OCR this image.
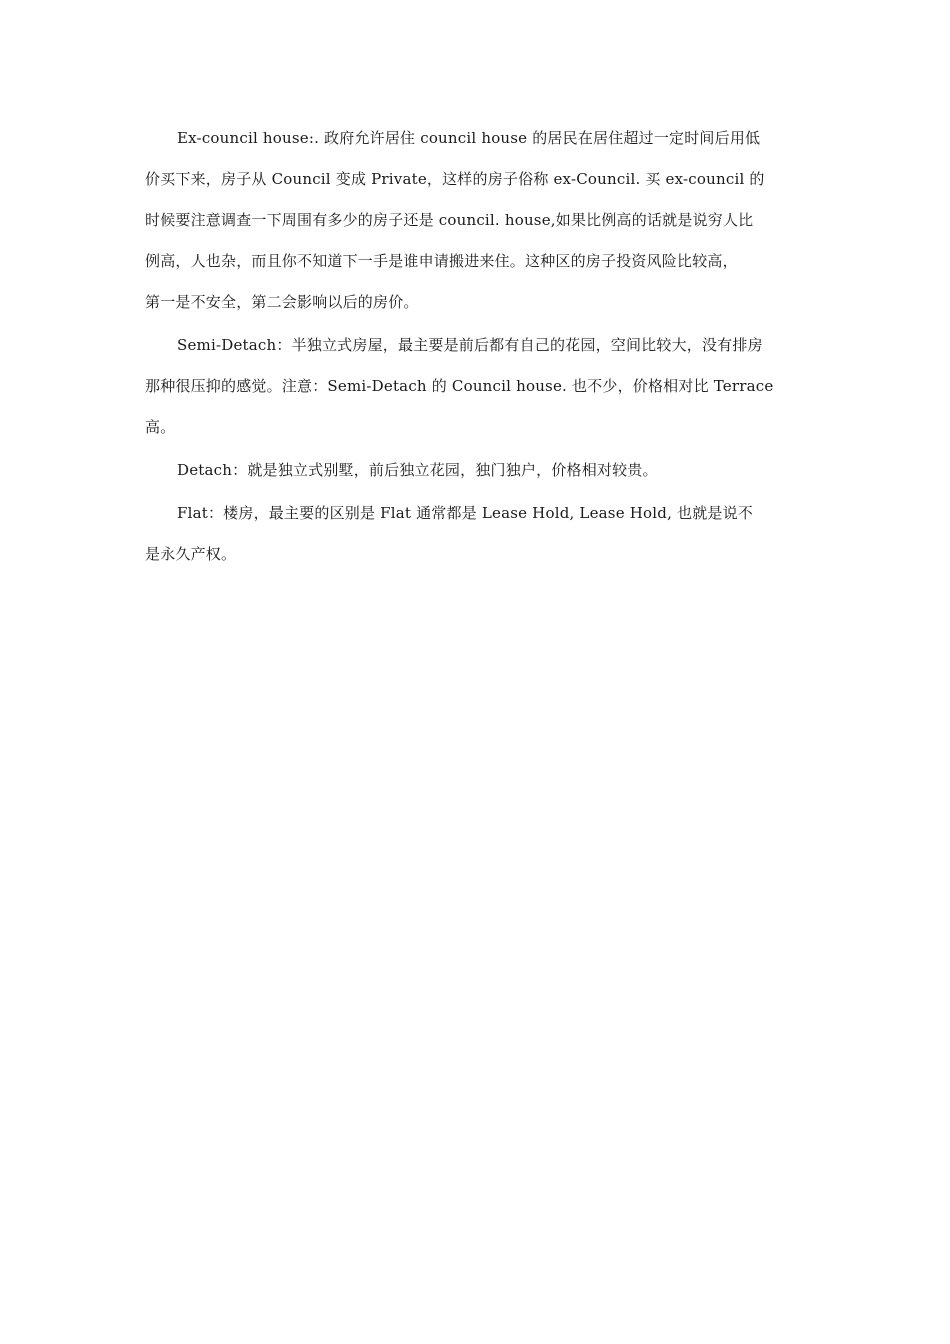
Ex-council house:. 政府允许居住 council house 的居民在居住超过一定时间后用低
价买下来，房子从 Council 变成 Private，这样的房子俗称 ex-Council. 买 ex-council 的
时候要注意调查一下周围有多少的房子还是 council. house,如果比例高的话就是说穷人比
例高，人也杂，而且你不知道下一手是谁申请搬进来住。这种区的房子投资风险比较高，
第一是不安全，第二会影响以后的房价。

Semi-Detach：半独立式房屋，最主要是前后都有自己的花园，空间比较大，没有排房
那种很压抑的感觉。注意：Semi-Detach 的 Council house. 也不少，价格相对比 Terrace
高。

Detach：就是独立式别墅，前后独立花园，独门独户，价格相对较贵。

Flat：楼房，最主要的区别是 Flat 通常都是 Lease Hold, Lease Hold, 也就是说不
是永久产权。
